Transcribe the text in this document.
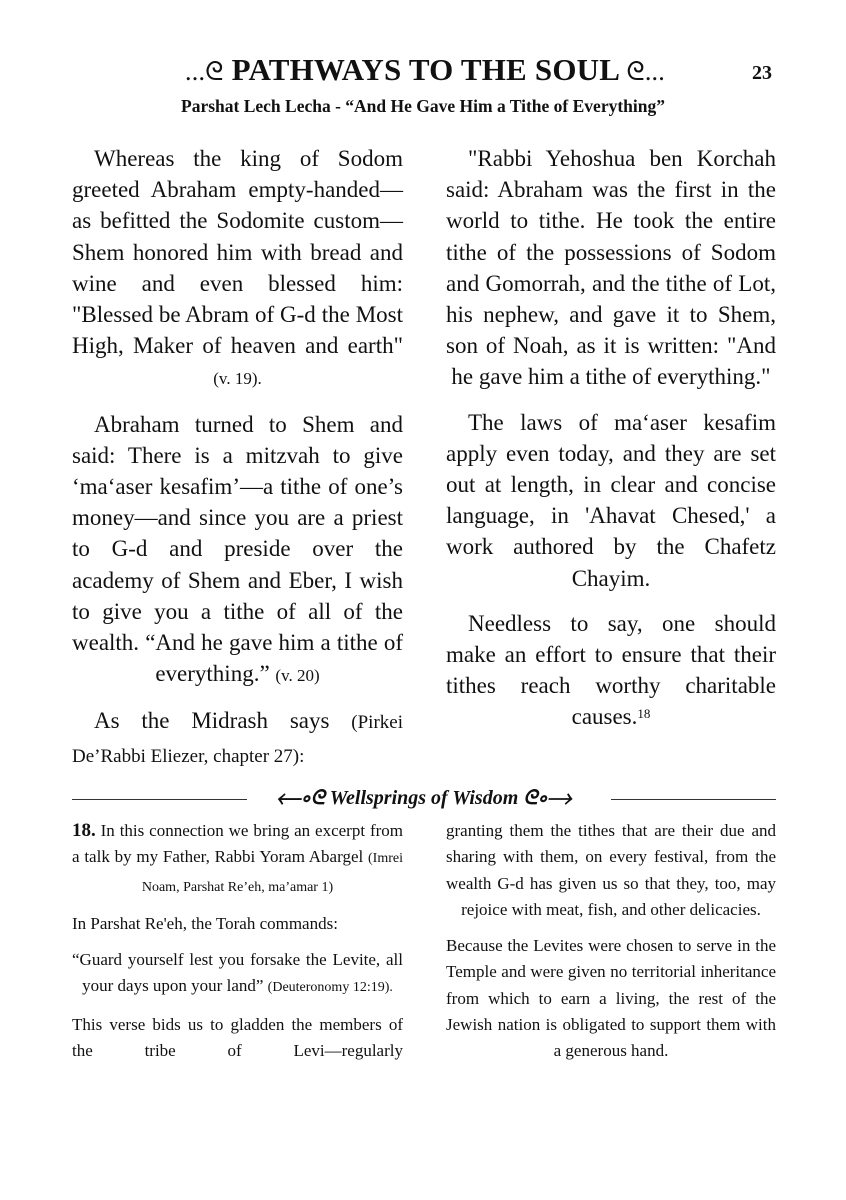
...ᘓ PATHWAYS TO THE SOUL ᘓ...	23
Parshat Lech Lecha - “And He Gave Him a Tithe of Everything”

Whereas the king of Sodom greeted Abraham empty-handed—as befitted the Sodomite custom—Shem honored him with bread and wine and even blessed him: "Blessed be Abram of G-d the Most High, Maker of heaven and earth" (v. 19).

Abraham turned to Shem and said: There is a mitzvah to give ‘ma‘aser kesafim’—a tithe of one’s money—and since you are a priest to G-d and preside over the academy of Shem and Eber, I wish to give you a tithe of all of the wealth. “And he gave him a tithe of everything.” (v. 20)

As the Midrash says (Pirkei De’Rabbi Eliezer, chapter 27):

"Rabbi Yehoshua ben Korchah said: Abraham was the first in the world to tithe. He took the entire tithe of the possessions of Sodom and Gomorrah, and the tithe of Lot, his nephew, and gave it to Shem, son of Noah, as it is written: "And he gave him a tithe of everything."

The laws of ma‘aser kesafim apply even today, and they are set out at length, in clear and concise language, in 'Ahavat Chesed,' a work authored by the Chafetz Chayim.

Needless to say, one should make an effort to ensure that their tithes reach worthy charitable causes.$^{18}$

⟵∘ᘓ Wellsprings of Wisdom ᘓ∘⟶

18. In this connection we bring an excerpt from a talk by my Father, Rabbi Yoram Abargel (Imrei Noam, Parshat Re’eh, ma’amar 1)

In Parshat Re'eh, the Torah commands:

“Guard yourself lest you forsake the Levite, all your days upon your land” (Deuteronomy 12:19).

This verse bids us to gladden the members of the tribe of Levi—regularly

granting them the tithes that are their due and sharing with them, on every festival, from the wealth G-d has given us so that they, too, may rejoice with meat, fish, and other delicacies.

Because the Levites were chosen to serve in the Temple and were given no territorial inheritance from which to earn a living, the rest of the Jewish nation is obligated to support them with a generous hand.
